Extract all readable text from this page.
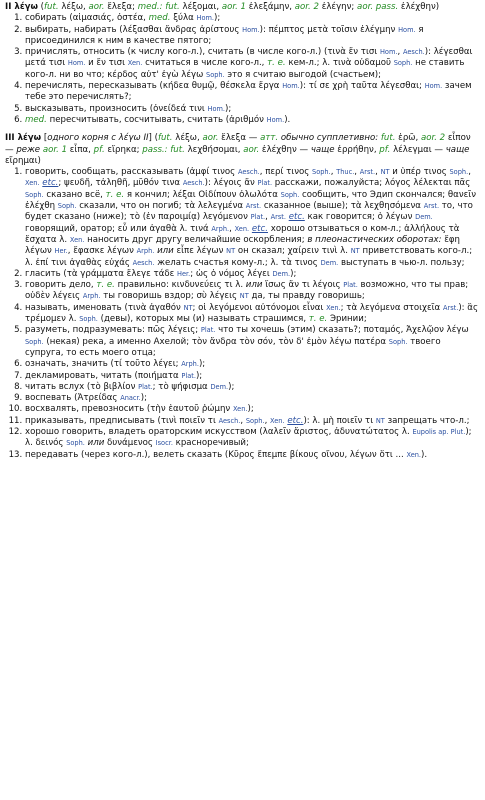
II λέγω (fut. λέξω, aor. ἔλεξα; med.: fut. λέξομαι, aor. 1 ἐλεξάμην, aor. 2 ἐλέγην; aor. pass. ἐλέχθην)

1. собирать (αἱμασιάς, ὀστέα, med. ξύλα Hom.);
2. выбирать, набирать (λέξασθαι ἄνδρας ἀρίστους Hom.): πέμπτος μετὰ τοῖσιν ἐλέγμην Hom. я присоединился к ним в качестве пятого;
3. причислять, относить (к числу кого-л.), считать (в числе кого-л.) (τινὰ ἔν τισι Hom., Aesch.): λέγεσθαι μετά τισι Hom. и ἔν τισι Xen. считаться в числе кого-л., т. е. кем-л.; λ. τινὰ οὐδαμοῦ Soph. не ставить кого-л. ни во что; κέρδος αὐτ' ἐγὼ λέγω Soph. это я считаю выгодой (счастьем);
4. перечислять, пересказывать (κήδεα θυμῷ, θέσκελα ἔργα Hom.): τί σε χρὴ ταῦτα λέγεσθαι; Hom. зачем тебе это перечислять?;
5. высказывать, произносить (ὀνείδεά τινι Hom.);
6. med. пересчитывать, сосчитывать, считать (ἀριθμόν Hom.).

III λέγω [одного корня с λέγω II] (fut. λέξω, aor. ἔλεξα — атт. обычно супплетивно: fut. ἐρῶ, aor. 2 εἶπον — реже aor. 1 εἶπα, pf. εἴρηκα; pass.: fut. λεχθήσομαι, aor. ἐλέχθην — чаще ἐρρήθην, pf. λέλεγμαι — чаще εἴρημαι)

1. говорить, сообщать, рассказывать (ἀμφί τινος Aesch., περί τινος Soph., Thuc., Arst., NT и ὑπέρ τινος Soph., Xen. etc.; ψευδῆ, τἀληθῆ, μῦθόν τινα Aesch.): λέγοις ἄν Plat. расскажи, пожалуйста; λόγος λέλεκται πᾶς Soph. сказано всё, т. е. я кончил; λέξαι Οἰδίπουν ὀλωλότα Soph. сообщить, что Эдип скончался; θανεῖν ἐλέχθη Soph. сказали, что он погиб; τὰ λελεγμένα Arst. сказанное (выше); τὰ λεχθησόμενα Arst. то, что будет сказано (ниже); τὸ (ἐν παροιμίᾳ) λεγόμενον Plat., Arst. etc. как говорится; ὁ λέγων Dem. говорящий, оратор; εὖ или ἀγαθὰ λ. τινά Arph., Xen. etc. хорошо отзываться о ком-л.; ἀλλήλους τὰ ἔσχατα λ. Xen. наносить друг другу величайшие оскорбления; в плеонастических оборотах: ἔφη λέγων Her., ἔφασκε λέγων Arph. или εἶπε λέγων NT он сказал; χαίρειν τινὶ λ. NT приветствовать кого-л.; λ. ἐπί τινι ἀγαθὰς εὐχάς Aesch. желать счастья кому-л.; λ. τὰ τινος Dem. выступать в чью-л. пользу;
2. гласить (τὰ γράμματα ἔλεγε τάδε Her.; ὡς ὁ νόμος λέγει Dem.);
3. говорить дело, т. е. правильно: κινδυνεύεις τι λ. или ἴσως ἄν τι λέγοις Plat. возможно, что ты прав; οὐδὲν λέγεις Arph. ты говоришь вздор; σὺ λέγεις NT да, ты правду говоришь;
4. называть, именовать (τινὰ ἀγαθόν NT; οἱ λεγόμενοι αὐτόνομοι εἶναι Xen.; τὰ λεγόμενα στοιχεῖα Arst.): ἃς τρέμομεν λ. Soph. (девы), которых мы (и) называть страшимся, т. е. Эринии;
5. разуметь, подразумевать: πῶς λέγεις; Plat. что ты хочешь (этим) сказать?; ποταμός, Ἀχελῷον λέγω Soph. (некая) река, а именно Ахелой; τὸν ἄνδρα τὸν σόν, τὸν δ' ἐμὸν λέγω πατέρα Soph. твоего супруга, то есть моего отца;
6. означать, значить (τί τοῦτο λέγει; Arph.);
7. декламировать, читать (ποιήματα Plat.);
8. читать вслух (τὸ βιβλίον Plat.; τὸ ψήφισμα Dem.);
9. воспевать (Ἀτρείδας Anacr.);
10. восхвалять, превозносить (τὴν ἑαυτοῦ ῥώμην Xen.);
11. приказывать, предписывать (τινὶ ποιεῖν τι Aesch., Soph., Xen. etc.): λ. μὴ ποιεῖν τι NT запрещать что-л.;
12. хорошо говорить, владеть ораторским искусством (λαλεῖν ἄριστος, ἀδυνατώτατος λ. Eupolis ap. Plut.); λ. δεινός Soph. или δυνάμενος Isocr. красноречивый;
13. передавать (через кого-л.), велеть сказать (Κῦρος ἔπεμπε βίκους οἴνου, λέγων ὅτι ... Xen.).
